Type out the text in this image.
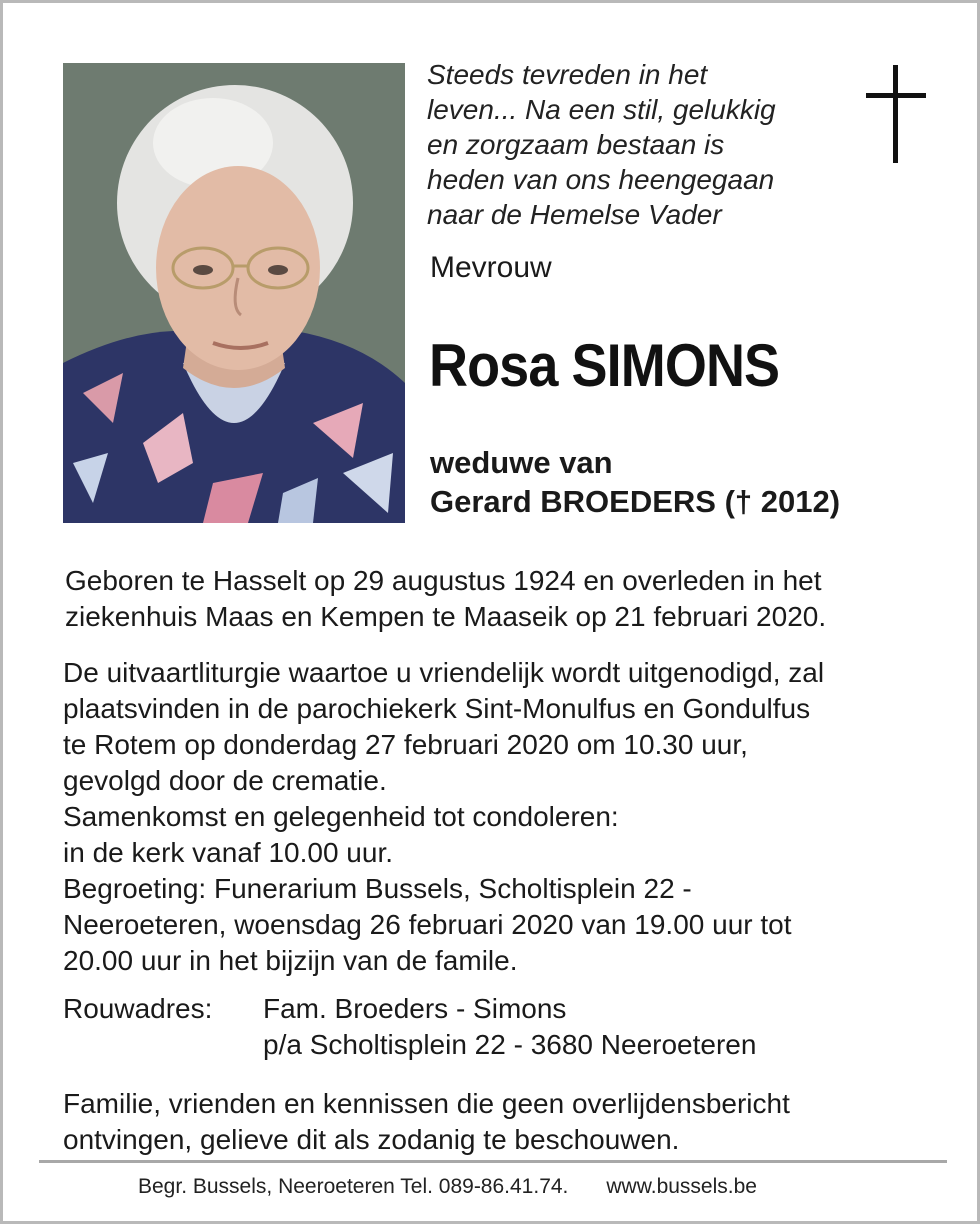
Steeds tevreden in het
leven... Na een stil, gelukkig
en zorgzaam bestaan is
heden van ons heengegaan
naar de Hemelse Vader
Mevrouw
Rosa SIMONS
weduwe van
Gerard BROEDERS († 2012)
Geboren te Hasselt op 29 augustus 1924 en overleden in het
ziekenhuis Maas en Kempen te Maaseik op 21 februari 2020.
De uitvaartliturgie waartoe u vriendelijk wordt uitgenodigd, zal
plaatsvinden in de parochiekerk Sint-Monulfus en Gondulfus
te Rotem op donderdag 27 februari 2020 om 10.30 uur,
gevolgd door de crematie.
Samenkomst en gelegenheid tot condoleren:
in de kerk vanaf 10.00 uur.
Begroeting: Funerarium Bussels, Scholtisplein 22 -
Neeroeteren, woensdag 26 februari 2020 van 19.00 uur tot
20.00 uur in het bijzijn van de famile.
Rouwadres: Fam. Broeders - Simons
p/a Scholtisplein 22 - 3680 Neeroeteren
Familie, vrienden en kennissen die geen overlijdensbericht
ontvingen, gelieve dit als zodanig te beschouwen.
Begr. Bussels, Neeroeteren Tel. 089-86.41.74. www.bussels.be
